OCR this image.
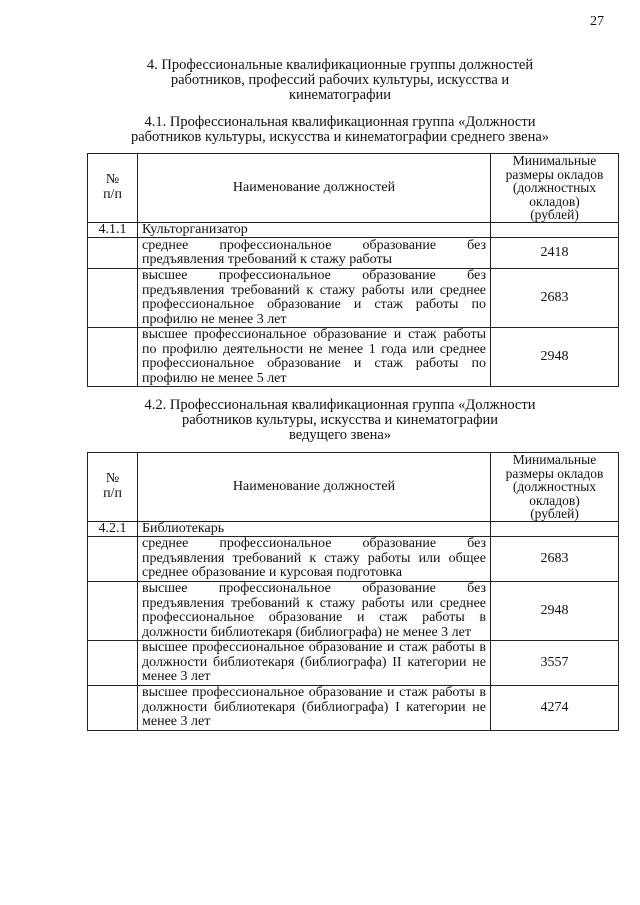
27
4. Профессиональные квалификационные группы должностей
работников, профессий рабочих культуры, искусства и
кинематографии
4.1. Профессиональная квалификационная группа «Должности
работников культуры, искусства и кинематографии среднего звена»
№
п/п	Наименование должностей	Минимальные
размеры окладов
(должностных
окладов)
(рублей)

4.1.1	Культорганизатор	
	среднее профессиональное образование без предъявления требований к стажу работы	2418
	высшее профессиональное образование без предъявления требований к стажу работы или среднее профессиональное образование и стаж работы по профилю не менее 3 лет	2683
	высшее профессиональное образование и стаж работы по профилю деятельности не менее 1 года или среднее профессиональное образование и стаж работы по профилю не менее 5 лет	2948
4.2. Профессиональная квалификационная группа «Должности
работников культуры, искусства и кинематографии
ведущего звена»
№
п/п	Наименование должностей	Минимальные
размеры окладов
(должностных
окладов)
(рублей)

4.2.1	Библиотекарь	
	среднее профессиональное образование без предъявления требований к стажу работы или общее среднее образование и курсовая подготовка	2683
	высшее профессиональное образование без предъявления требований к стажу работы или среднее профессиональное образование и стаж работы в должности библиотекаря (библиографа) не менее 3 лет	2948
	высшее профессиональное образование и стаж работы в должности библиотекаря (библиографа) II категории не менее 3 лет	3557
	высшее профессиональное образование и стаж работы в должности библиотекаря (библиографа) I категории не менее 3 лет	4274
